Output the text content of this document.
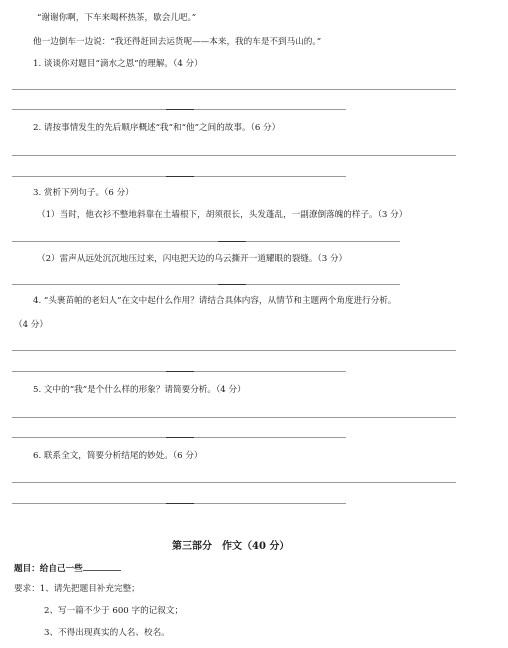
“谢谢你啊，下车来喝杯热茶，歇会儿吧。”
他一边倒车一边说：“我还得赶回去运货呢——本来，我的车是不到马山的。”
1. 谈谈你对题目“滴水之恩”的理解。（4 分）
2. 请按事情发生的先后顺序概述“我”和“他”之间的故事。（6 分）
3. 赏析下列句子。（6 分）
（1）当时，他衣衫不整地斜靠在土墙根下，胡须很长，头发蓬乱，一副潦倒落魄的样子。（3 分）
（2）雷声从远处沉沉地压过来，闪电把天边的乌云撕开一道耀眼的裂缝。（3 分）
4. “头裹苗帕的老妇人”在文中起什么作用？请结合具体内容，从情节和主题两个角度进行分析。
（4 分）
5. 文中的“我”是个什么样的形象？请简要分析。（4 分）
6. 联系全文，简要分析结尾的妙处。（6 分）
第三部分　作文（40 分）
题目：给自己一些
要求：1、请先把题目补充完整；
2、写一篇不少于 600 字的记叙文；
3、不得出现真实的人名、校名。
